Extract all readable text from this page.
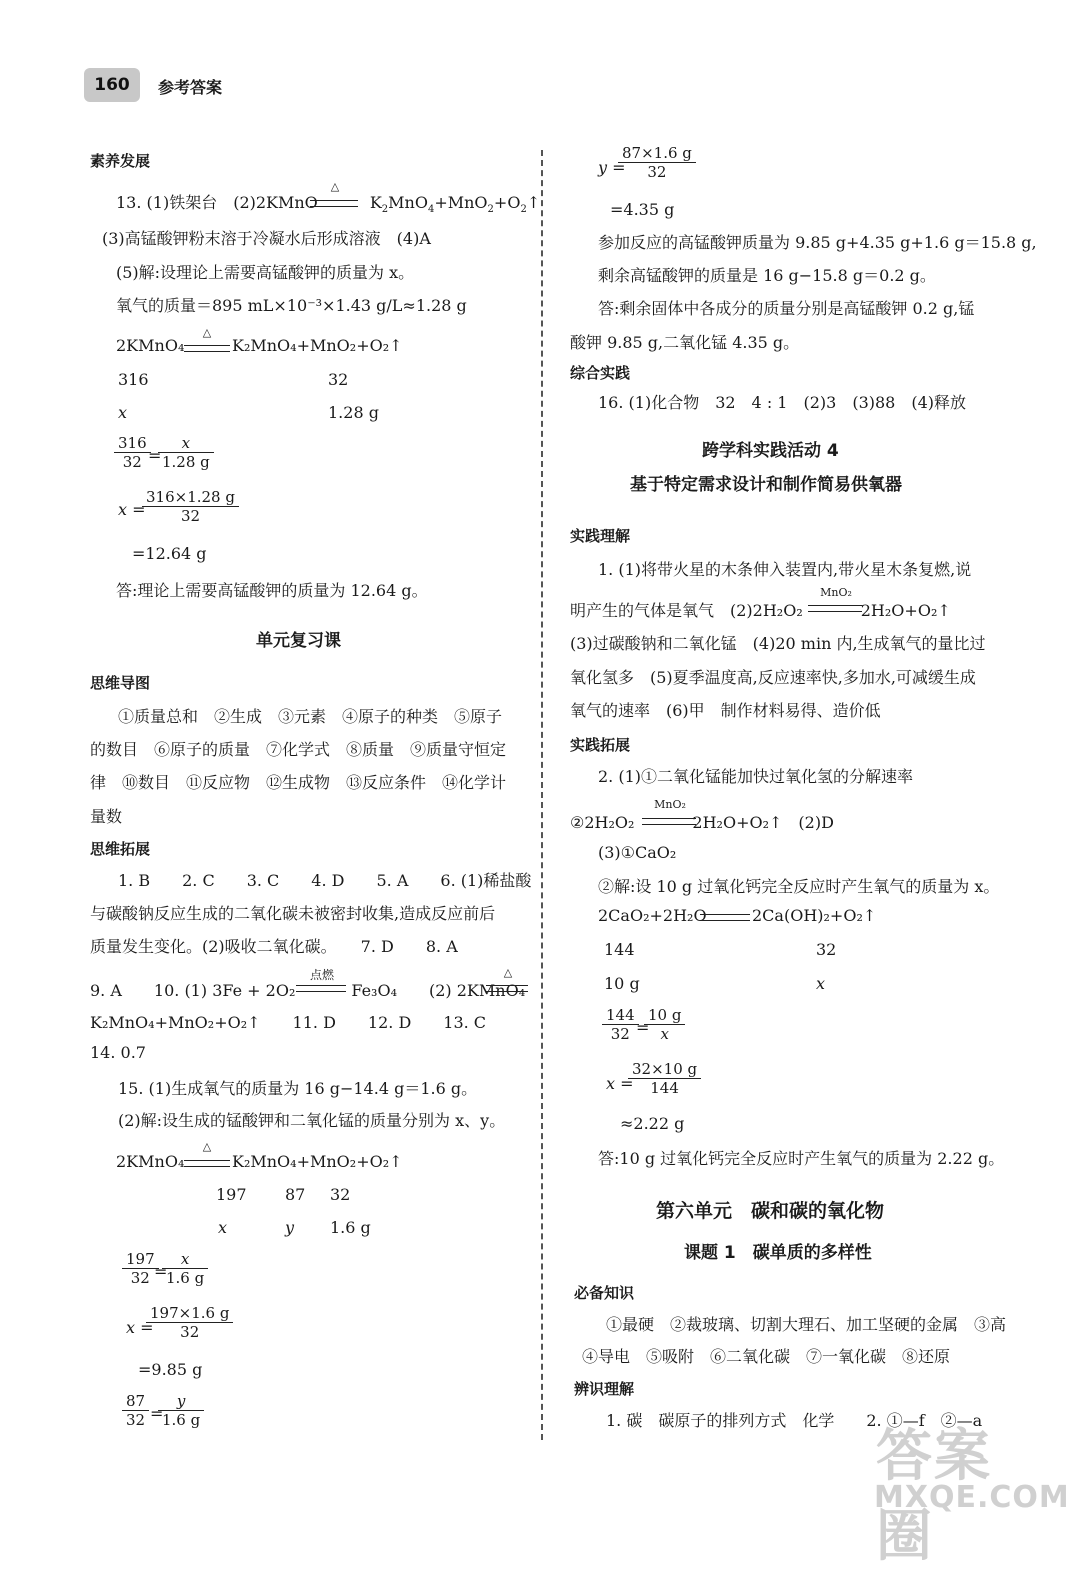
160	参考答案
素养发展
13. (1)铁架台　(2)2KMnO	$K_2MnO_4+MnO_2+O_2↑$
△
(3)高锰酸钾粉末溶于冷凝水后形成溶液　(4)A
(5)解:设理论上需要高锰酸钾的质量为 x。
氧气的质量＝895 mL×10⁻³×1.43 g/L≈1.28 g
2KMnO₄
△
K₂MnO₄+MnO₂+O₂↑
316	32
x	1.28 g
$\frac{316}{32}$
=
$\frac{x}{1.28 g}$
x =
$\frac{316\times 1.28 g}{32}$
=12.64 g
答:理论上需要高锰酸钾的质量为 12.64 g。
单元复习课
思维导图
①质量总和　②生成　③元素　④原子的种类　⑤原子
的数目　⑥原子的质量　⑦化学式　⑧质量　⑨质量守恒定
律　⑩数目　⑪反应物　⑫生成物　⑬反应条件　⑭化学计
量数
思维拓展
1. B　　2. C　　3. C　　4. D　　5. A　　6. (1)稀盐酸
与碳酸钠反应生成的二氧化碳未被密封收集,造成反应前后
质量发生变化。(2)吸收二氧化碳。　　7. D　　8. A
9. A　　10. (1) 3Fe + 2O₂	Fe₃O₄　　(2) 2KMnO₄
点燃	△
K₂MnO₄+MnO₂+O₂↑　　11. D　　12. D　　13. C
14. 0.7
15. (1)生成氧气的质量为 16 g−14.4 g＝1.6 g。
(2)解:设生成的锰酸钾和二氧化锰的质量分别为 x、y。
2KMnO₄
△
K₂MnO₄+MnO₂+O₂↑
197 87 32
x	y 1.6 g
$\frac{197}{32}$
=
$\frac{x}{1.6 g}$
x =
$\frac{197\times 1.6 g}{32}$
=9.85 g
$\frac{87}{32}$ =
$\frac{y}{1.6 g}$
y =
$\frac{87\times 1.6 g}{32}$
=4.35 g
参加反应的高锰酸钾质量为 9.85 g+4.35 g+1.6 g＝15.8 g,
剩余高锰酸钾的质量是 16 g−15.8 g＝0.2 g。
答:剩余固体中各成分的质量分别是高锰酸钾 0.2 g,锰
酸钾 9.85 g,二氧化锰 4.35 g。
综合实践
16. (1)化合物　32　4 : 1　(2)3　(3)88　(4)释放
跨学科实践活动 4
基于特定需求设计和制作简易供氧器
实践理解
1. (1)将带火星的木条伸入装置内,带火星木条复燃,说
明产生的气体是氧气　(2)2H₂O₂	2H₂O+O₂↑
MnO₂
(3)过碳酸钠和二氧化锰　(4)20 min 内,生成氧气的量比过
氧化氢多　(5)夏季温度高,反应速率快,多加水,可减缓生成
氧气的速率　(6)甲　制作材料易得、造价低
实践拓展
2. (1)①二氧化锰能加快过氧化氢的分解速率
②2H₂O₂	2H₂O+O₂↑　(2)D
MnO₂
(3)①CaO₂
②解:设 10 g 过氧化钙完全反应时产生氧气的质量为 x。
2CaO₂+2H₂O	2Ca(OH)₂+O₂↑
144	32
10 g	x
$\frac{144}{32}$
=
$\frac{10 g}{x}$
x =
$\frac{32\times 10 g}{144}$
≈2.22 g
答:10 g 过氧化钙完全反应时产生氧气的质量为 2.22 g。
第六单元　碳和碳的氧化物
课题 1　碳单质的多样性
必备知识
①最硬　②裁玻璃、切割大理石、加工坚硬的金属　③高
④导电　⑤吸附　⑥二氧化碳　⑦一氧化碳　⑧还原
辨识理解
1. 碳　碳原子的排列方式　化学　　2. ①—f　②—a
答案圈
MXQE.COM
